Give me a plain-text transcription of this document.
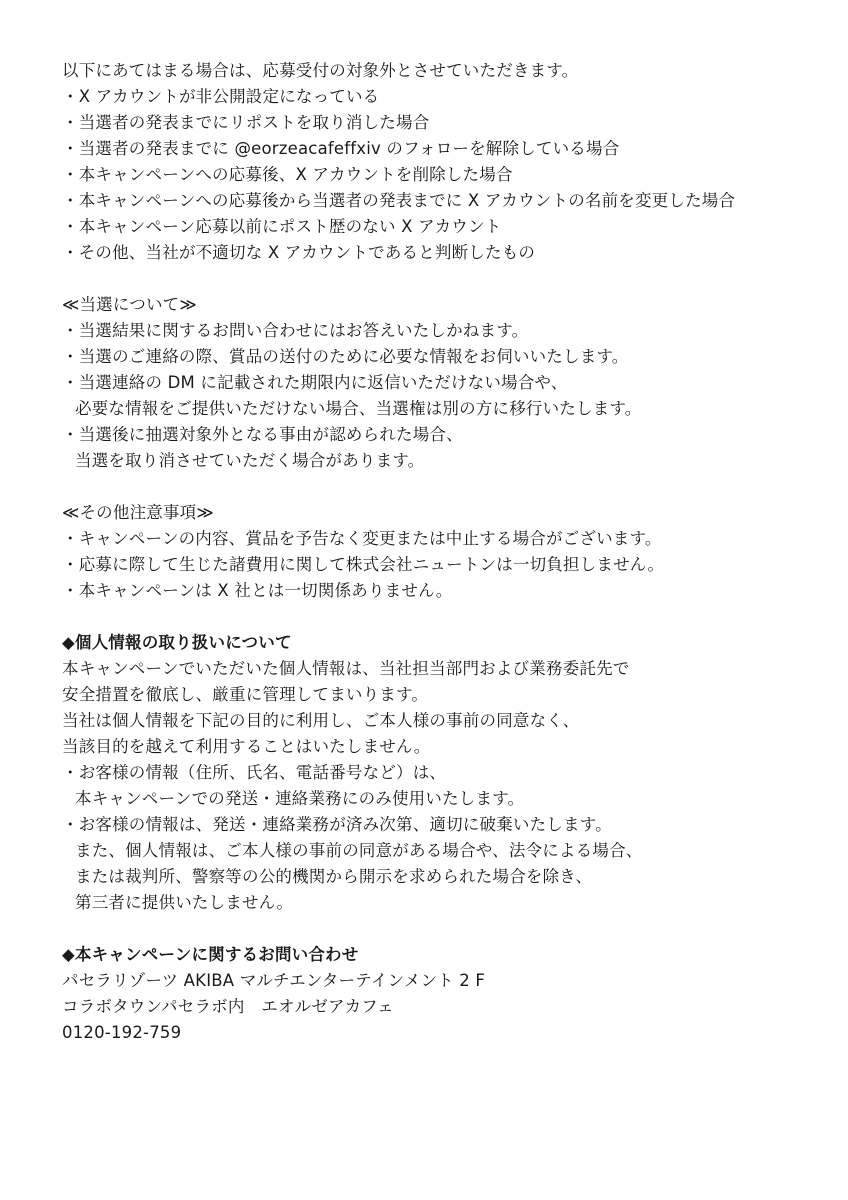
以下にあてはまる場合は、応募受付の対象外とさせていただきます。
・X アカウントが非公開設定になっている
・当選者の発表までにリポストを取り消した場合
・当選者の発表までに @eorzeacafeffxiv のフォローを解除している場合
・本キャンペーンへの応募後、X アカウントを削除した場合
・本キャンペーンへの応募後から当選者の発表までに X アカウントの名前を変更した場合
・本キャンペーン応募以前にポスト歴のない X アカウント
・その他、当社が不適切な X アカウントであると判断したもの
≪当選について≫
・当選結果に関するお問い合わせにはお答えいたしかねます。
・当選のご連絡の際、賞品の送付のために必要な情報をお伺いいたします。
・当選連絡の DM に記載された期限内に返信いただけない場合や、
必要な情報をご提供いただけない場合、当選権は別の方に移行いたします。
・当選後に抽選対象外となる事由が認められた場合、
当選を取り消させていただく場合があります。
≪その他注意事項≫
・キャンペーンの内容、賞品を予告なく変更または中止する場合がございます。
・応募に際して生じた諸費用に関して株式会社ニュートンは一切負担しません。
・本キャンペーンは X 社とは一切関係ありません。
◆個人情報の取り扱いについて
本キャンペーンでいただいた個人情報は、当社担当部門および業務委託先で
安全措置を徹底し、厳重に管理してまいります。
当社は個人情報を下記の目的に利用し、ご本人様の事前の同意なく、
当該目的を越えて利用することはいたしません。
・お客様の情報（住所、氏名、電話番号など）は、
本キャンペーンでの発送・連絡業務にのみ使用いたします。
・お客様の情報は、発送・連絡業務が済み次第、適切に破棄いたします。
また、個人情報は、ご本人様の事前の同意がある場合や、法令による場合、
または裁判所、警察等の公的機関から開示を求められた場合を除き、
第三者に提供いたしません。
◆本キャンペーンに関するお問い合わせ
パセラリゾーツ AKIBA マルチエンターテインメント 2 F
コラボタウンパセラボ内　エオルゼアカフェ
0120-192-759
